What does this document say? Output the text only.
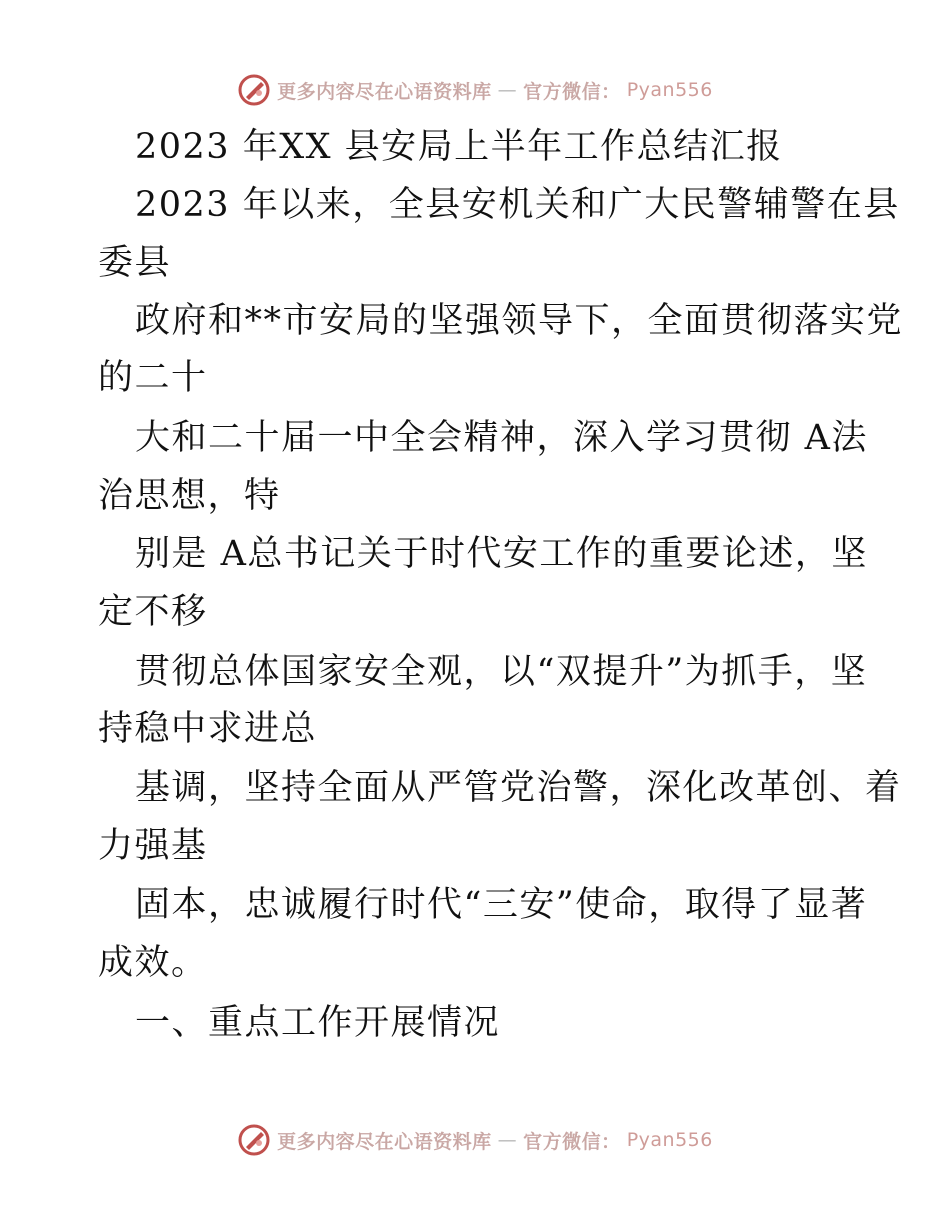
更多内容尽在心语资料库 — 官方微信： Pyan556
2023 年XX 县安局上半年工作总结汇报
2023 年以来，全县安机关和广大民警辅警在县
委县
政府和**市安局的坚强领导下，全面贯彻落实党
的二十
大和二十届一中全会精神，深入学习贯彻 A法
治思想，特
别是 A总书记关于时代安工作的重要论述，坚
定不移
贯彻总体国家安全观，以“双提升”为抓手，坚
持稳中求进总
基调，坚持全面从严管党治警，深化改革创、着
力强基
固本，忠诚履行时代“三安”使命，取得了显著
成效。
一、重点工作开展情况
更多内容尽在心语资料库 — 官方微信： Pyan556
